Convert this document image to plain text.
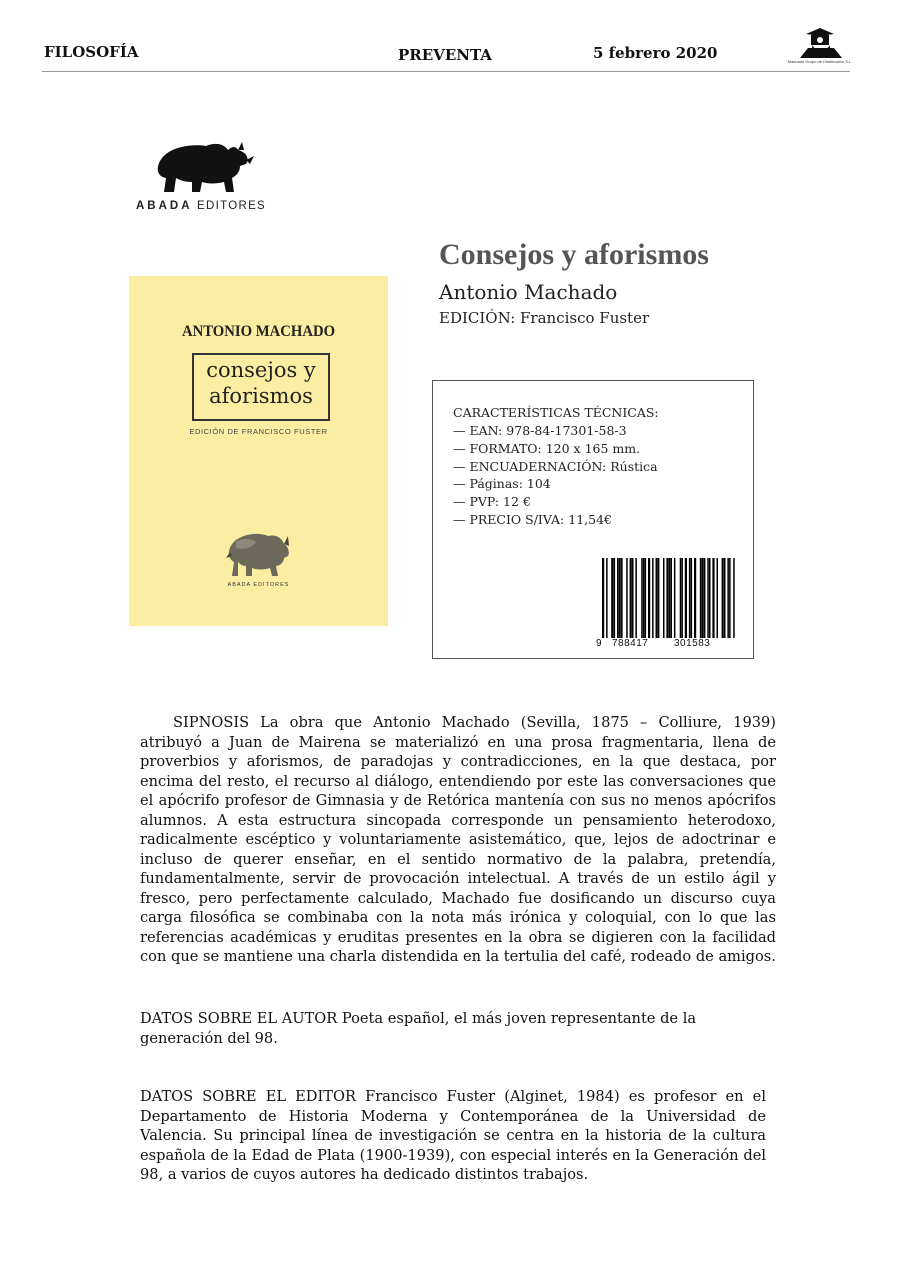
FILOSOFÍA	PREVENTA	5 febrero 2020	Machado Grupo de Distribución S.L.
ABADA EDITORES
ANTONIO MACHADO
consejos y
aforismos
EDICIÓN DE FRANCISCO FUSTER
ABADA EDITORES
Consejos y aforismos
Antonio Machado
EDICIÓN: Francisco Fuster
CARACTERÍSTICAS TÉCNICAS:
— EAN: 978-84-17301-58-3
— FORMATO: 120 x 165 mm.
— ENCUADERNACIÓN: Rústica
— Páginas: 104
— PVP: 12 €
— PRECIO S/IVA: 11,54€
9 788417	301583

SIPNOSIS La obra que Antonio Machado (Sevilla, 1875 – Colliure, 1939) atribuyó a Juan de Mairena se materializó en una prosa fragmentaria, llena de proverbios y aforismos, de paradojas y contradicciones, en la que destaca, por encima del resto, el recurso al diálogo, entendiendo por este las conversaciones que el apócrifo profesor de Gimnasia y de Retórica mantenía con sus no menos apócrifos alumnos. A esta estructura sincopada corresponde un pensamiento heterodoxo, radicalmente escéptico y voluntariamente asistemático, que, lejos de adoctrinar e incluso de querer enseñar, en el sentido normativo de la palabra, pretendía, fundamentalmente, servir de provocación intelectual. A través de un estilo ágil y fresco, pero perfectamente calculado, Machado fue dosificando un discurso cuya carga filosófica se combinaba con la nota más irónica y coloquial, con lo que las referencias académicas y eruditas presentes en la obra se digieren con la facilidad con que se mantiene una charla distendida en la tertulia del café, rodeado de amigos.

DATOS SOBRE EL AUTOR Poeta español, el más joven representante de la generación del 98.

DATOS SOBRE EL EDITOR Francisco Fuster (Alginet, 1984) es profesor en el Departamento de Historia Moderna y Contemporánea de la Universidad de Valencia. Su principal línea de investigación se centra en la historia de la cultura española de la Edad de Plata (1900-1939), con especial interés en la Generación del 98, a varios de cuyos autores ha dedicado distintos trabajos.
